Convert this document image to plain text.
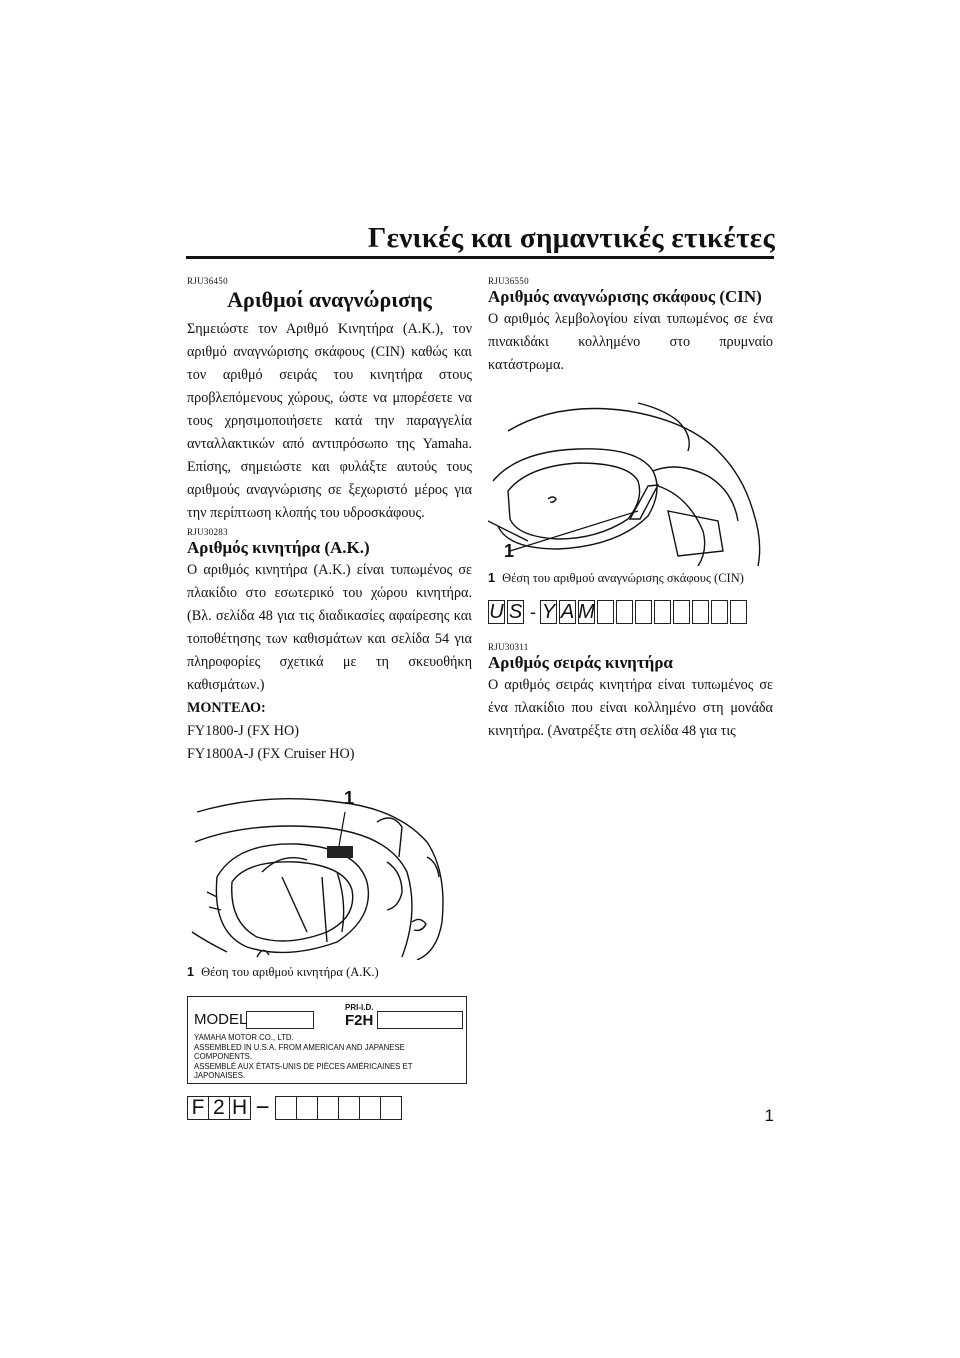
Γενικές και σημαντικές ετικέτες

RJU36450

Αριθμοί αναγνώρισης

Σημειώστε τον Αριθμό Κινητήρα (Α.Κ.), τον αριθμό αναγνώρισης σκάφους (CIN) καθώς και τον αριθμό σειράς του κινητήρα στους προβλεπόμενους χώρους, ώστε να μπορέσετε να τους χρησιμοποιήσετε κατά την παραγγελία ανταλλακτικών από αντιπρόσωπο της Yamaha. Επίσης, σημειώστε και φυλάξτε αυτούς τους αριθμούς αναγνώρισης σε ξεχωριστό μέρος για την περίπτωση κλοπής του υδροσκάφους.

RJU30283

Αριθμός κινητήρα (Α.Κ.)

Ο αριθμός κινητήρα (Α.Κ.) είναι τυπωμένος σε πλακίδιο στο εσωτερικό του χώρου κινητήρα. (Βλ. σελίδα 48 για τις διαδικασίες αφαίρεσης και τοποθέτησης των καθισμάτων και σελίδα 54 για πληροφορίες σχετικά με τη σκευοθήκη καθισμάτων.)

ΜΟΝΤΕΛΟ:

FY1800-J (FX HO)

FY1800A-J (FX Cruiser HO)

1
1 Θέση του αριθμού κινητήρα (Α.Κ.)
MODEL
PRI-I.D.
F2H
YAMAHA MOTOR CO., LTD.
ASSEMBLED IN U.S.A. FROM AMERICAN AND JAPANESE
COMPONENTS.
ASSEMBLÉ AUX ÉTATS-UNIS DE PIÈCES AMÉRICAINES ET
JAPONAISES.
F 2 H −

RJU36550

Αριθμός αναγνώρισης σκάφους (CIN)

Ο αριθμός λεμβολογίου είναι τυπωμένος σε ένα πινακιδάκι κολλημένο στο πρυμναίο κατάστρωμα.

1
1 Θέση του αριθμού αναγνώρισης σκάφους (CIN)
U S - Y A M

RJU30311

Αριθμός σειράς κινητήρα

Ο αριθμός σειράς κινητήρα είναι τυπωμένος σε ένα πλακίδιο που είναι κολλημένο στη μονάδα κινητήρα. (Ανατρέξτε στη σελίδα 48 για τις

1
